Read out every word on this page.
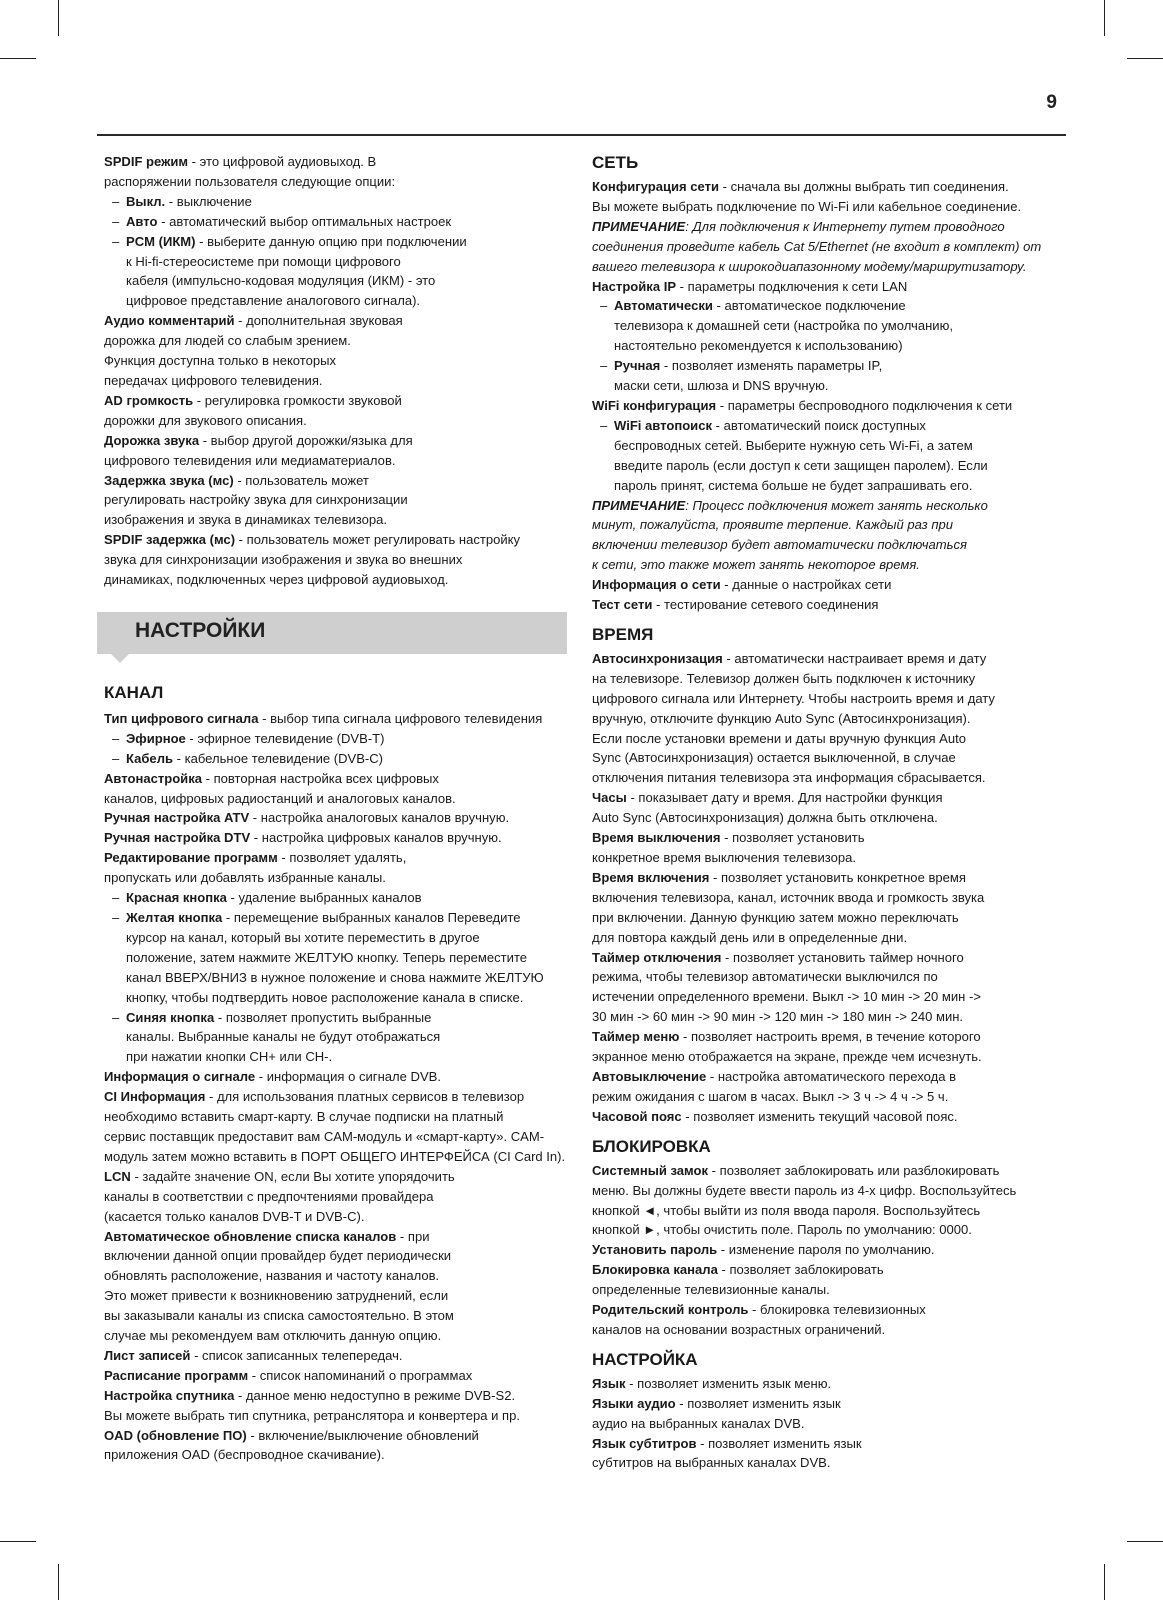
9
SPDIF режим - это цифровой аудиовыход. В
распоряжении пользователя следующие опции:
– Выкл. - выключение
– Авто - автоматический выбор оптимальных настроек
– PCM (ИКМ) - выберите данную опцию при подключении
к Hi-fi-стереосистеме при помощи цифрового
кабеля (импульсно-кодовая модуляция (ИКМ) - это
цифровое представление аналогового сигнала).
Аудио комментарий - дополнительная звуковая
дорожка для людей со слабым зрением.
Функция доступна только в некоторых
передачах цифрового телевидения.
AD громкость - регулировка громкости звуковой
дорожки для звукового описания.
Дорожка звука - выбор другой дорожки/языка для
цифрового телевидения или медиаматериалов.
Задержка звука (мс) - пользователь может
регулировать настройку звука для синхронизации
изображения и звука в динамиках телевизора.
SPDIF задержка (мс) - пользователь может регулировать настройку
звука для синхронизации изображения и звука во внешних
динамиках, подключенных через цифровой аудиовыход.
НАСТРОЙКИ
КАНАЛ
Тип цифрового сигнала - выбор типа сигнала цифрового телевидения
– Эфирное - эфирное телевидение (DVB-T)
– Кабель - кабельное телевидение (DVB-C)
Автонастройка - повторная настройка всех цифровых
каналов, цифровых радиостанций и аналоговых каналов.
Ручная настройка ATV - настройка аналоговых каналов вручную.
Ручная настройка DTV - настройка цифровых каналов вручную.
Редактирование программ - позволяет удалять,
пропускать или добавлять избранные каналы.
– Красная кнопка - удаление выбранных каналов
– Желтая кнопка - перемещение выбранных каналов Переведите
курсор на канал, который вы хотите переместить в другое
положение, затем нажмите ЖЕЛТУЮ кнопку. Теперь переместите
канал ВВЕРХ/ВНИЗ в нужное положение и снова нажмите ЖЕЛТУЮ
кнопку, чтобы подтвердить новое расположение канала в списке.
– Синяя кнопка - позволяет пропустить выбранные
каналы. Выбранные каналы не будут отображаться
при нажатии кнопки CH+ или CH-.
Информация о сигнале - информация о сигнале DVB.
CI Информация - для использования платных сервисов в телевизор
необходимо вставить смарт-карту. В случае подписки на платный
сервис поставщик предоставит вам CAM-модуль и «смарт-карту». CAM-
модуль затем можно вставить в ПОРТ ОБЩЕГО ИНТЕРФЕЙСА (CI Card In).
LCN - задайте значение ON, если Вы хотите упорядочить
каналы в соответствии с предпочтениями провайдера
(касается только каналов DVB-T и DVB-C).
Автоматическое обновление списка каналов - при
включении данной опции провайдер будет периодически
обновлять расположение, названия и частоту каналов.
Это может привести к возникновению затруднений, если
вы заказывали каналы из списка самостоятельно. В этом
случае мы рекомендуем вам отключить данную опцию.
Лист записей - список записанных телепередач.
Расписание программ - список напоминаний о программах
Настройка спутника - данное меню недоступно в режиме DVB-S2.
Вы можете выбрать тип спутника, ретранслятора и конвертера и пр.
OAD (обновление ПО) - включение/выключение обновлений
приложения OAD (беспроводное скачивание).
СЕТЬ
Конфигурация сети - сначала вы должны выбрать тип соединения.
Вы можете выбрать подключение по Wi-Fi или кабельное соединение.
ПРИМЕЧАНИЕ: Для подключения к Интернету путем проводного
соединения проведите кабель Cat 5/Ethernet (не входит в комплект) от
вашего телевизора к широкодиапазонному модему/маршрутизатору.
Настройка IP - параметры подключения к сети LAN
– Автоматически - автоматическое подключение
телевизора к домашней сети (настройка по умолчанию,
настоятельно рекомендуется к использованию)
– Ручная - позволяет изменять параметры IP,
маски сети, шлюза и DNS вручную.
WiFi конфигурация - параметры беспроводного подключения к сети
– WiFi автопоиск - автоматический поиск доступных
беспроводных сетей. Выберите нужную сеть Wi-Fi, а затем
введите пароль (если доступ к сети защищен паролем). Если
пароль принят, система больше не будет запрашивать его.
ПРИМЕЧАНИЕ: Процесс подключения может занять несколько
минут, пожалуйста, проявите терпение. Каждый раз при
включении телевизор будет автоматически подключаться
к сети, это также может занять некоторое время.
Информация о сети - данные о настройках сети
Тест сети - тестирование сетевого соединения
ВРЕМЯ
Автосинхронизация - автоматически настраивает время и дату
на телевизоре. Телевизор должен быть подключен к источнику
цифрового сигнала или Интернету. Чтобы настроить время и дату
вручную, отключите функцию Auto Sync (Автосинхронизация).
Если после установки времени и даты вручную функция Auto
Sync (Автосинхронизация) остается выключенной, в случае
отключения питания телевизора эта информация сбрасывается.
Часы - показывает дату и время. Для настройки функция
Auto Sync (Автосинхронизация) должна быть отключена.
Время выключения - позволяет установить
конкретное время выключения телевизора.
Время включения - позволяет установить конкретное время
включения телевизора, канал, источник ввода и громкость звука
при включении. Данную функцию затем можно переключать
для повтора каждый день или в определенные дни.
Таймер отключения - позволяет установить таймер ночного
режима, чтобы телевизор автоматически выключился по
истечении определенного времени. Выкл -> 10 мин -> 20 мин ->
30 мин -> 60 мин -> 90 мин -> 120 мин -> 180 мин -> 240 мин.
Таймер меню - позволяет настроить время, в течение которого
экранное меню отображается на экране, прежде чем исчезнуть.
Автовыключение - настройка автоматического перехода в
режим ожидания с шагом в часах. Выкл -> 3 ч -> 4 ч -> 5 ч.
Часовой пояс - позволяет изменить текущий часовой пояс.
БЛОКИРОВКА
Системный замок - позволяет заблокировать или разблокировать
меню. Вы должны будете ввести пароль из 4-х цифр. Воспользуйтесь
кнопкой ◄, чтобы выйти из поля ввода пароля. Воспользуйтесь
кнопкой ►, чтобы очистить поле. Пароль по умолчанию: 0000.
Установить пароль - изменение пароля по умолчанию.
Блокировка канала - позволяет заблокировать
определенные телевизионные каналы.
Родительский контроль - блокировка телевизионных
каналов на основании возрастных ограничений.
НАСТРОЙКА
Язык - позволяет изменить язык меню.
Языки аудио - позволяет изменить язык
аудио на выбранных каналах DVB.
Язык субтитров - позволяет изменить язык
субтитров на выбранных каналах DVB.
